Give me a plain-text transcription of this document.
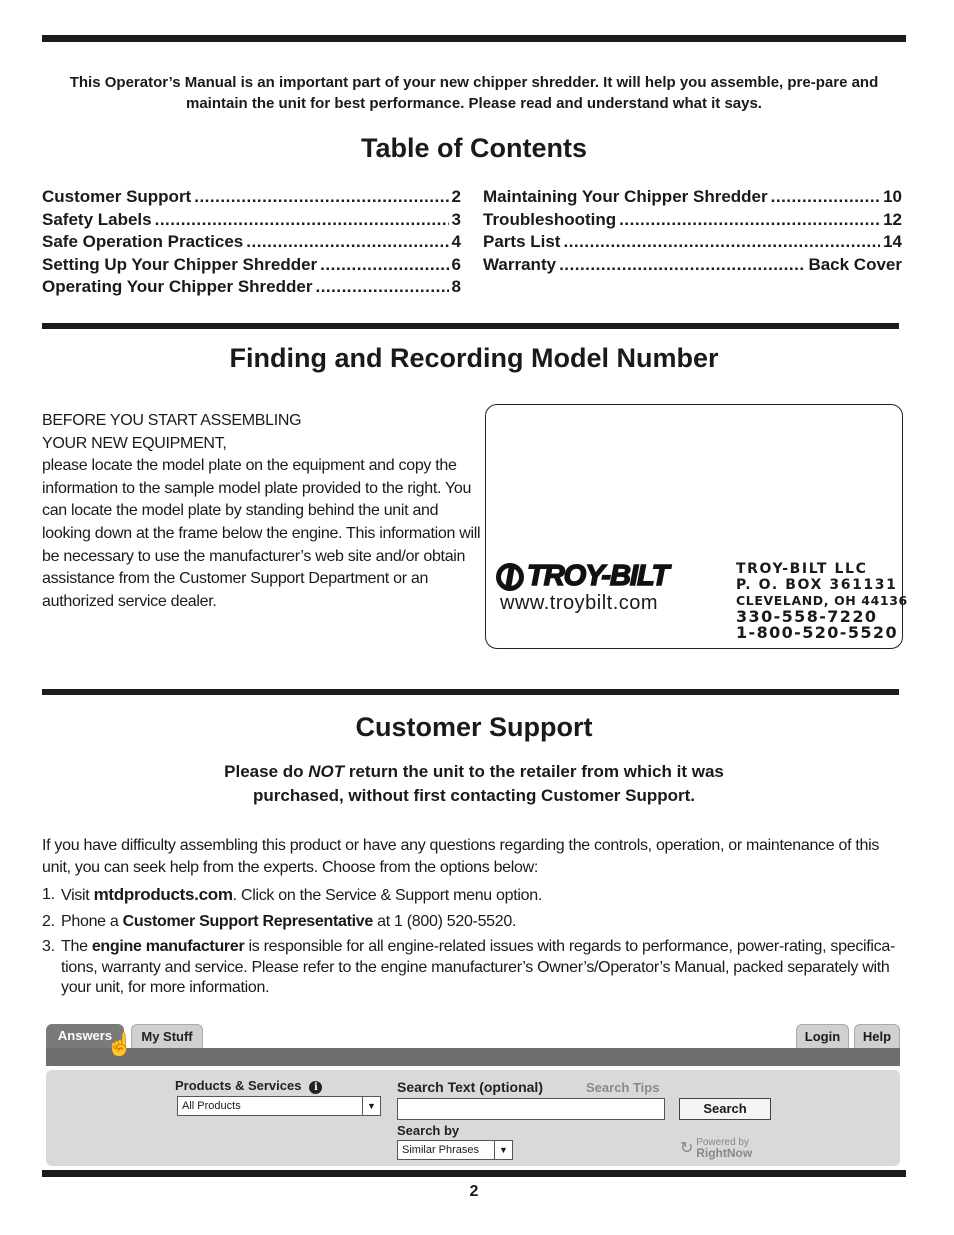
This Operator’s Manual is an important part of your new chipper shredder. It will help you assemble, pre-pare and maintain the unit for best performance. Please read and understand what it says.
Table of Contents
Customer Support .....	2
Safety Labels .....	3
Safe Operation Practices .....	4
Setting Up Your Chipper Shredder .....	6
Operating Your Chipper Shredder .....	8
Maintaining Your Chipper Shredder .....	10
Troubleshooting .....	12
Parts List .....	14
Warranty .....	Back Cover
Finding and Recording Model Number
BEFORE YOU START ASSEMBLING
YOUR NEW EQUIPMENT,
please locate the model plate on the equipment and copy the information to the sample model plate provided to the right. You can locate the model plate by standing behind the unit and looking down at the frame below the engine. This information will be necessary to use the manufacturer’s web site and/or obtain assistance from the Customer Support Department or an authorized service dealer.
TROY-BILT
www.troybilt.com
TROY-BILT LLC
P. O. BOX 361131
CLEVELAND, OH 44136
330-558-7220
1-800-520-5520
Customer Support
Please do NOT return the unit to the retailer from which it was
purchased, without first contacting Customer Support.
If you have difficulty assembling this product or have any questions regarding the controls, operation, or maintenance of this unit, you can seek help from the experts. Choose from the options below:
1. Visit mtdproducts.com. Click on the Service & Support menu option.
2. Phone a Customer Support Representative at 1 (800) 520-5520.
3. The engine manufacturer is responsible for all engine-related issues with regards to performance, power-rating, specifica-tions, warranty and service. Please refer to the engine manufacturer’s Owner’s/Operator’s Manual, packed separately with your unit, for more information.
Answers	My Stuff	Login	Help
☝
Products & Services i
All Products	▼
Search Text (optional)	Search Tips
Search
Search by
Similar Phrases	▼	↻ Powered by
RightNow
2
